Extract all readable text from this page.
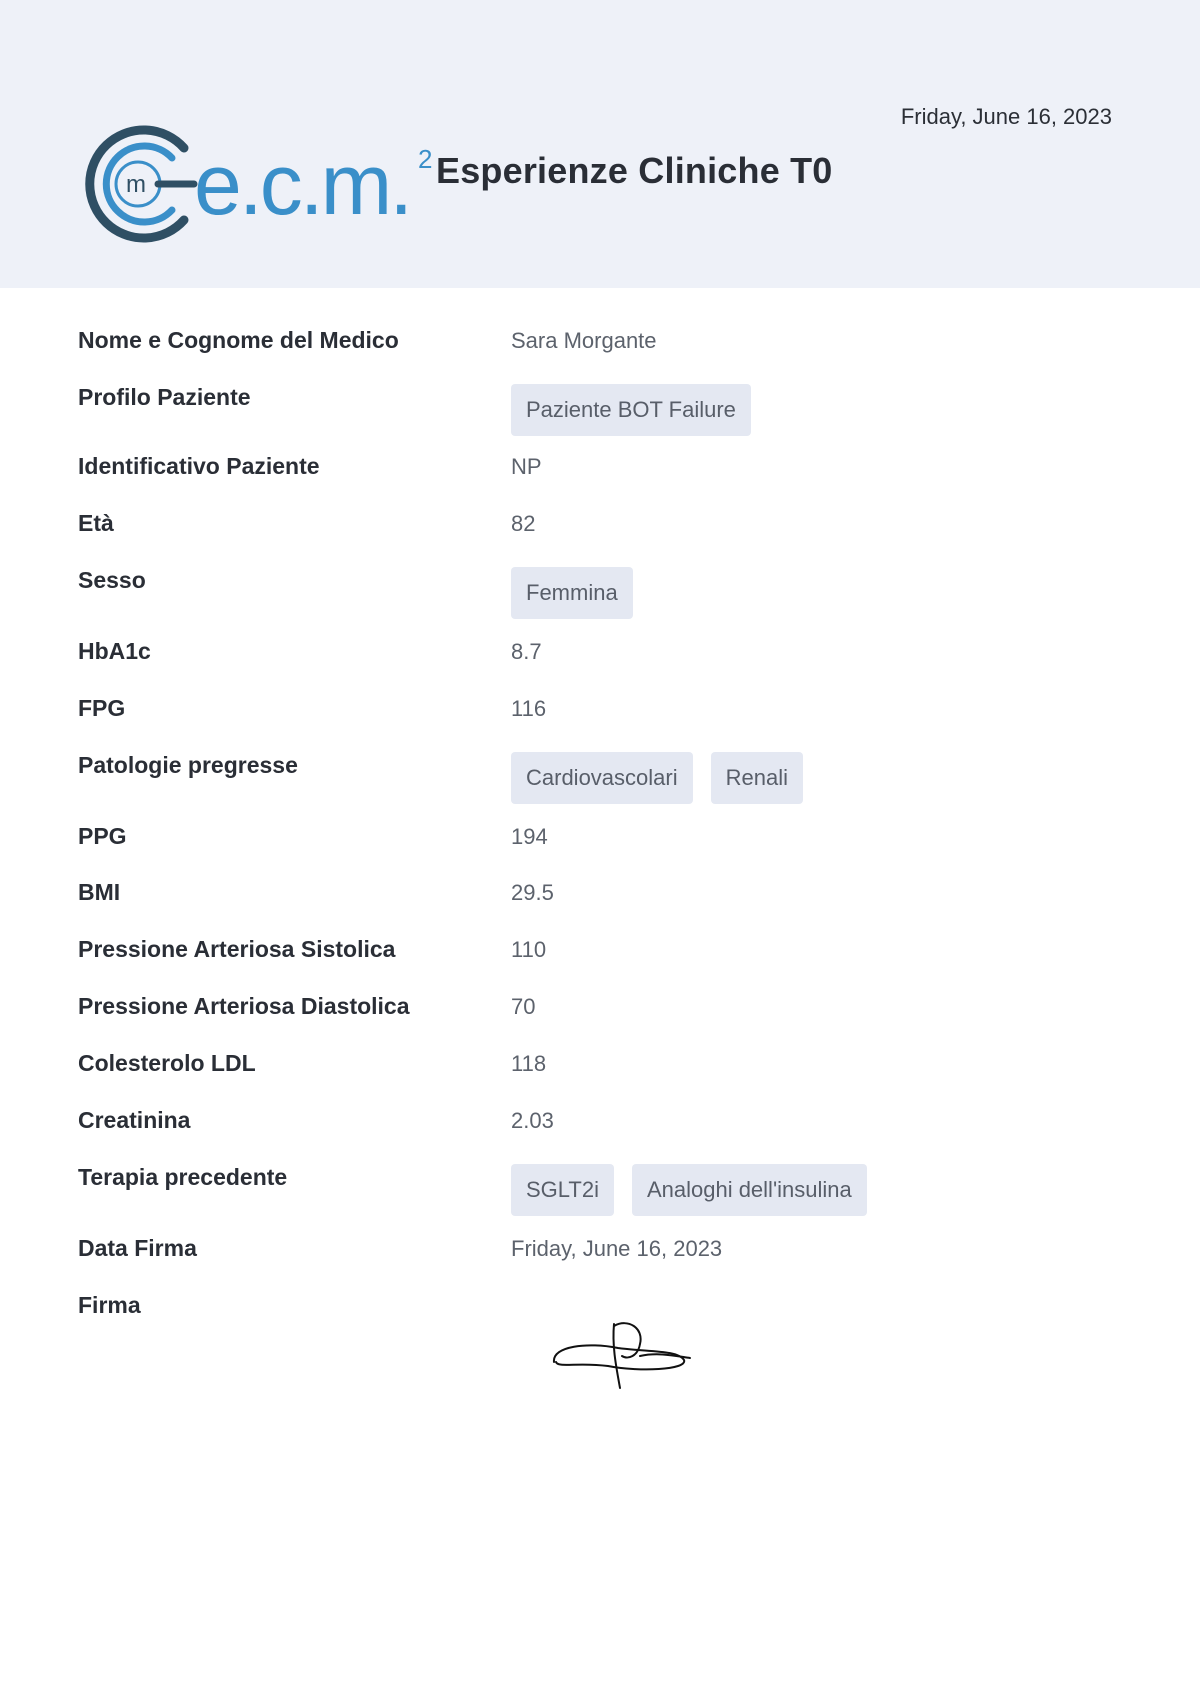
m e.c.m. 2 Esperienze Cliniche T0
Friday, June 16, 2023
Nome e Cognome del Medico	Sara Morgante
Profilo Paziente	Paziente BOT Failure
Identificativo Paziente	NP
Età	82
Sesso	Femmina
HbA1c	8.7
FPG	116
Patologie pregresse	Cardiovascolari	Renali
PPG	194
BMI	29.5
Pressione Arteriosa Sistolica	110
Pressione Arteriosa Diastolica	70
Colesterolo LDL	118
Creatinina	2.03
Terapia precedente	SGLT2i	Analoghi dell'insulina
Data Firma	Friday, June 16, 2023
Firma
